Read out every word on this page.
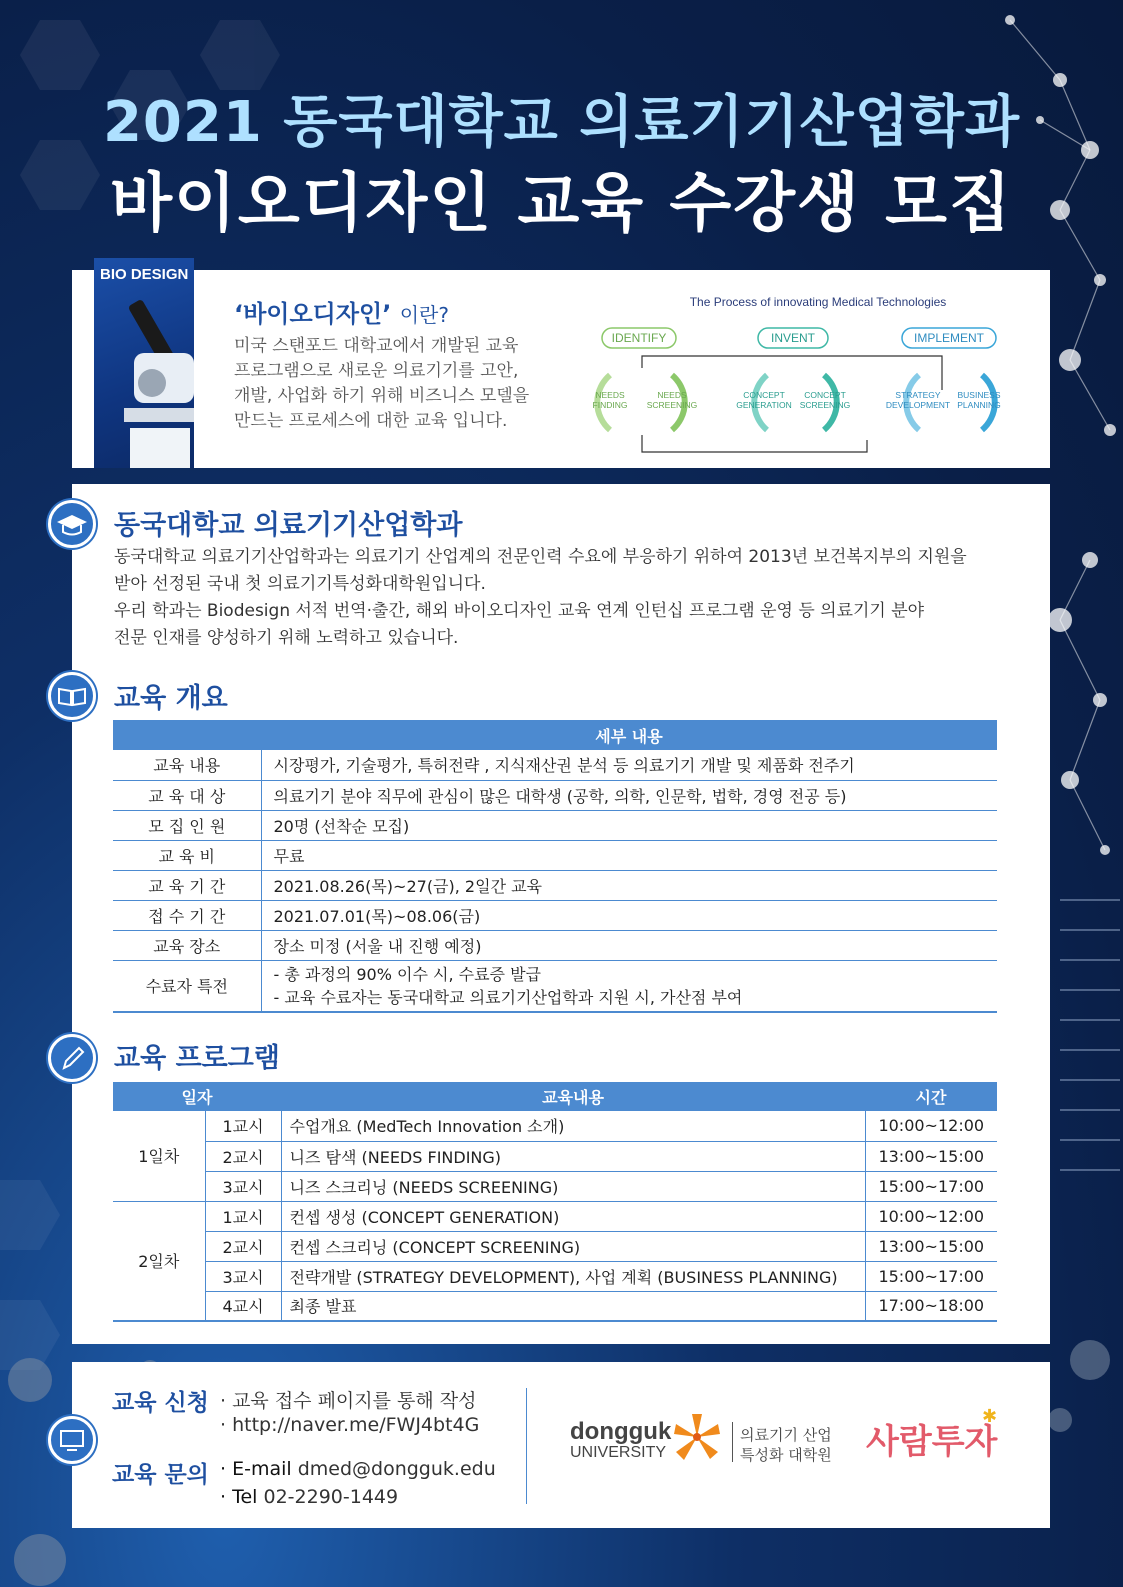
2021 동국대학교 의료기기산업학과
바이오디자인 교육 수강생 모집
BIO DESIGN
‘바이오디자인’ 이란?
미국 스탠포드 대학교에서 개발된 교육
프로그램으로 새로운 의료기기를 고안,
개발, 사업화 하기 위해 비즈니스 모델을
만드는 프로세스에 대한 교육 입니다.
The Process of innovating Medical Technologies
IDENTIFY	INVENT	IMPLEMENT
NEEDS
FINDING
NEEDS
SCREENING
CONCEPT
GENERATION
CONCEPT
SCREENING
STRATEGY
DEVELOPMENT
BUSINESS
PLANNING
동국대학교 의료기기산업학과
동국대학교 의료기기산업학과는 의료기기 산업계의 전문인력 수요에 부응하기 위하여 2013년 보건복지부의 지원을
받아 선정된 국내 첫 의료기기특성화대학원입니다.
우리 학과는 Biodesign 서적 번역·출간, 해외 바이오디자인 교육 연계 인턴십 프로그램 운영 등 의료기기 분야
전문 인재를 양성하기 위해 노력하고 있습니다.
교육 개요
	세부 내용
교육 내용	시장평가, 기술평가, 특허전략 , 지식재산권 분석 등 의료기기 개발 및 제품화 전주기
교 육 대 상	의료기기 분야 직무에 관심이 많은 대학생 (공학, 의학, 인문학, 법학, 경영 전공 등)
모 집 인 원	20명 (선착순 모집)
교 육 비	무료
교 육 기 간	2021.08.26(목)~27(금), 2일간 교육
접 수 기 간	2021.07.01(목)~08.06(금)
교육 장소	장소 미정 (서울 내 진행 예정)
수료자 특전	- 총 과정의 90% 이수 시, 수료증 발급
- 교육 수료자는 동국대학교 의료기기산업학과 지원 시, 가산점 부여
교육 프로그램
일자		교육내용	시간
1일차	1교시	수업개요 (MedTech Innovation 소개)	10:00~12:00
	2교시	니즈 탐색 (NEEDS FINDING)	13:00~15:00
	3교시	니즈 스크리닝 (NEEDS SCREENING)	15:00~17:00
2일차	1교시	컨셉 생성 (CONCEPT GENERATION)	10:00~12:00
	2교시	컨셉 스크리닝 (CONCEPT SCREENING)	13:00~15:00
	3교시	전략개발 (STRATEGY DEVELOPMENT), 사업 계획 (BUSINESS PLANNING)	15:00~17:00
	4교시	최종 발표	17:00~18:00
교육 신청 · 교육 접수 페이지를 통해 작성
· http://naver.me/FWJ4bt4G
교육 문의 · E-mail dmed@dongguk.edu
· Tel 02-2290-1449
dongguk
UNIVERSITY
의료기기 산업
특성화 대학원 사람투자
✱
